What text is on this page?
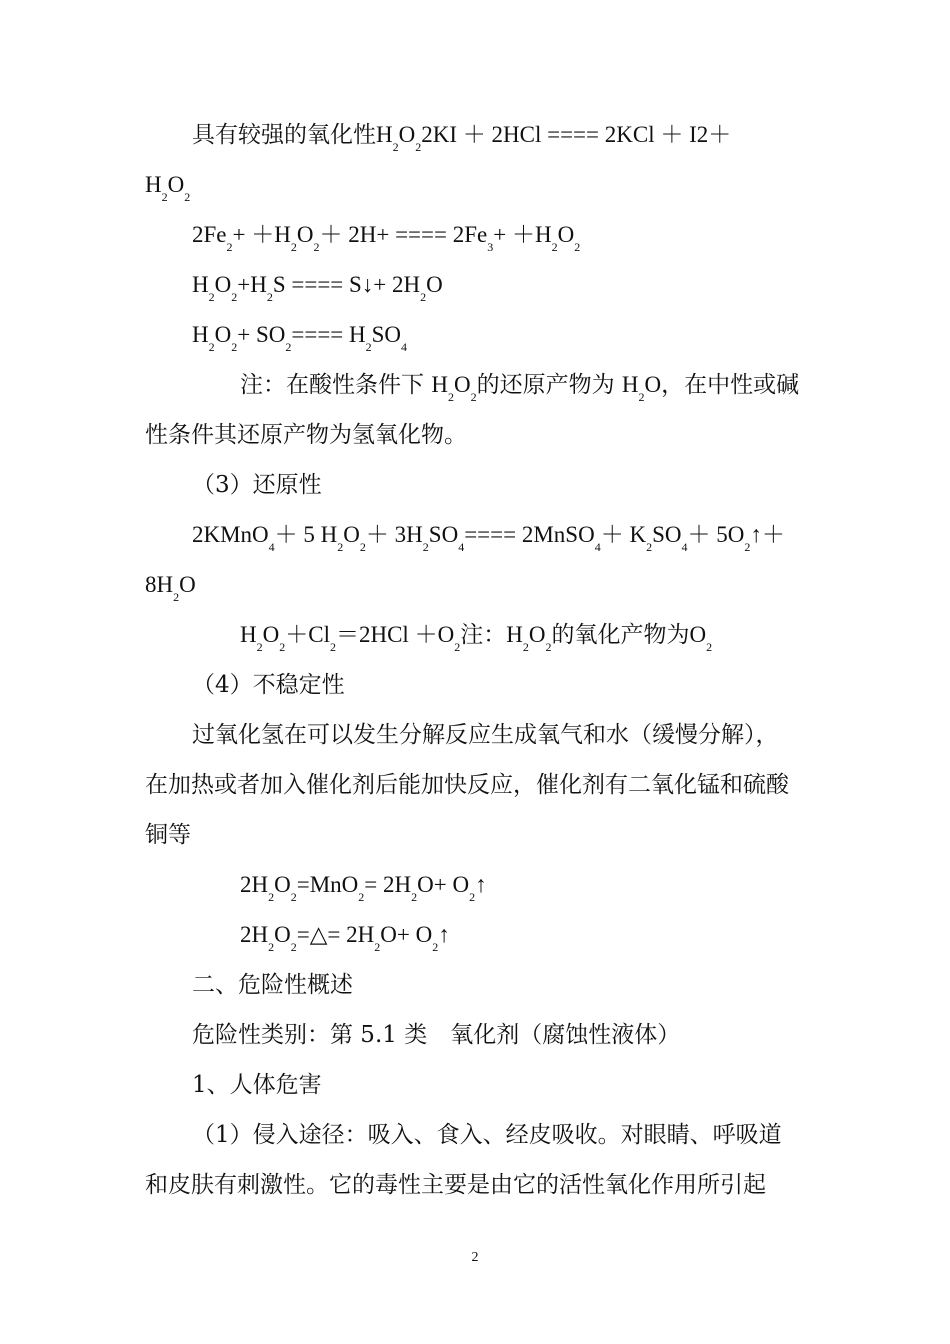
具有较强的氧化性$H_2O_22KI + 2HCl$ ==== 2KCl ＋ I2＋
$H_2O_2$
$2Fe_2+ +H_2O_2+ 2H+$ ==== $2Fe_3+ +H_2O_2$
$H_2O_2+H_2S$ ==== S↓+ $2H_2O$
$H_2O_2+ SO_2==== H_2SO_4$
注：在酸性条件下 $H_2O_2$的还原产物为 $H_2O$，在中性或碱
性条件其还原产物为氢氧化物。
（3）还原性
2KMnO$_4$＋ 5 $H_2O_2+ 3H_2SO_4====$ 2MnSO$_4$＋ $K_2SO_4+$ $5O_2↑+$
$8H_2O$
$H_2O_2+Cl_2=2HCl +O_2$注：$H_2O_2$的氧化产物为$O_2$
（4）不稳定性
过氧化氢在可以发生分解反应生成氧气和水（缓慢分解），
在加热或者加入催化剂后能加快反应，催化剂有二氧化锰和硫酸
铜等
$2H_2O_2=MnO_2= 2H_2O+$ $O_2↑$
$2H_2O_2=\triangle= 2H_2O+$ $O_2↑$
二、危险性概述
危险性类别：第 5.1 类　氧化剂（腐蚀性液体）
1、人体危害
（1）侵入途径：吸入、食入、经皮吸收。对眼睛、呼吸道
和皮肤有刺激性。它的毒性主要是由它的活性氧化作用所引起
2
